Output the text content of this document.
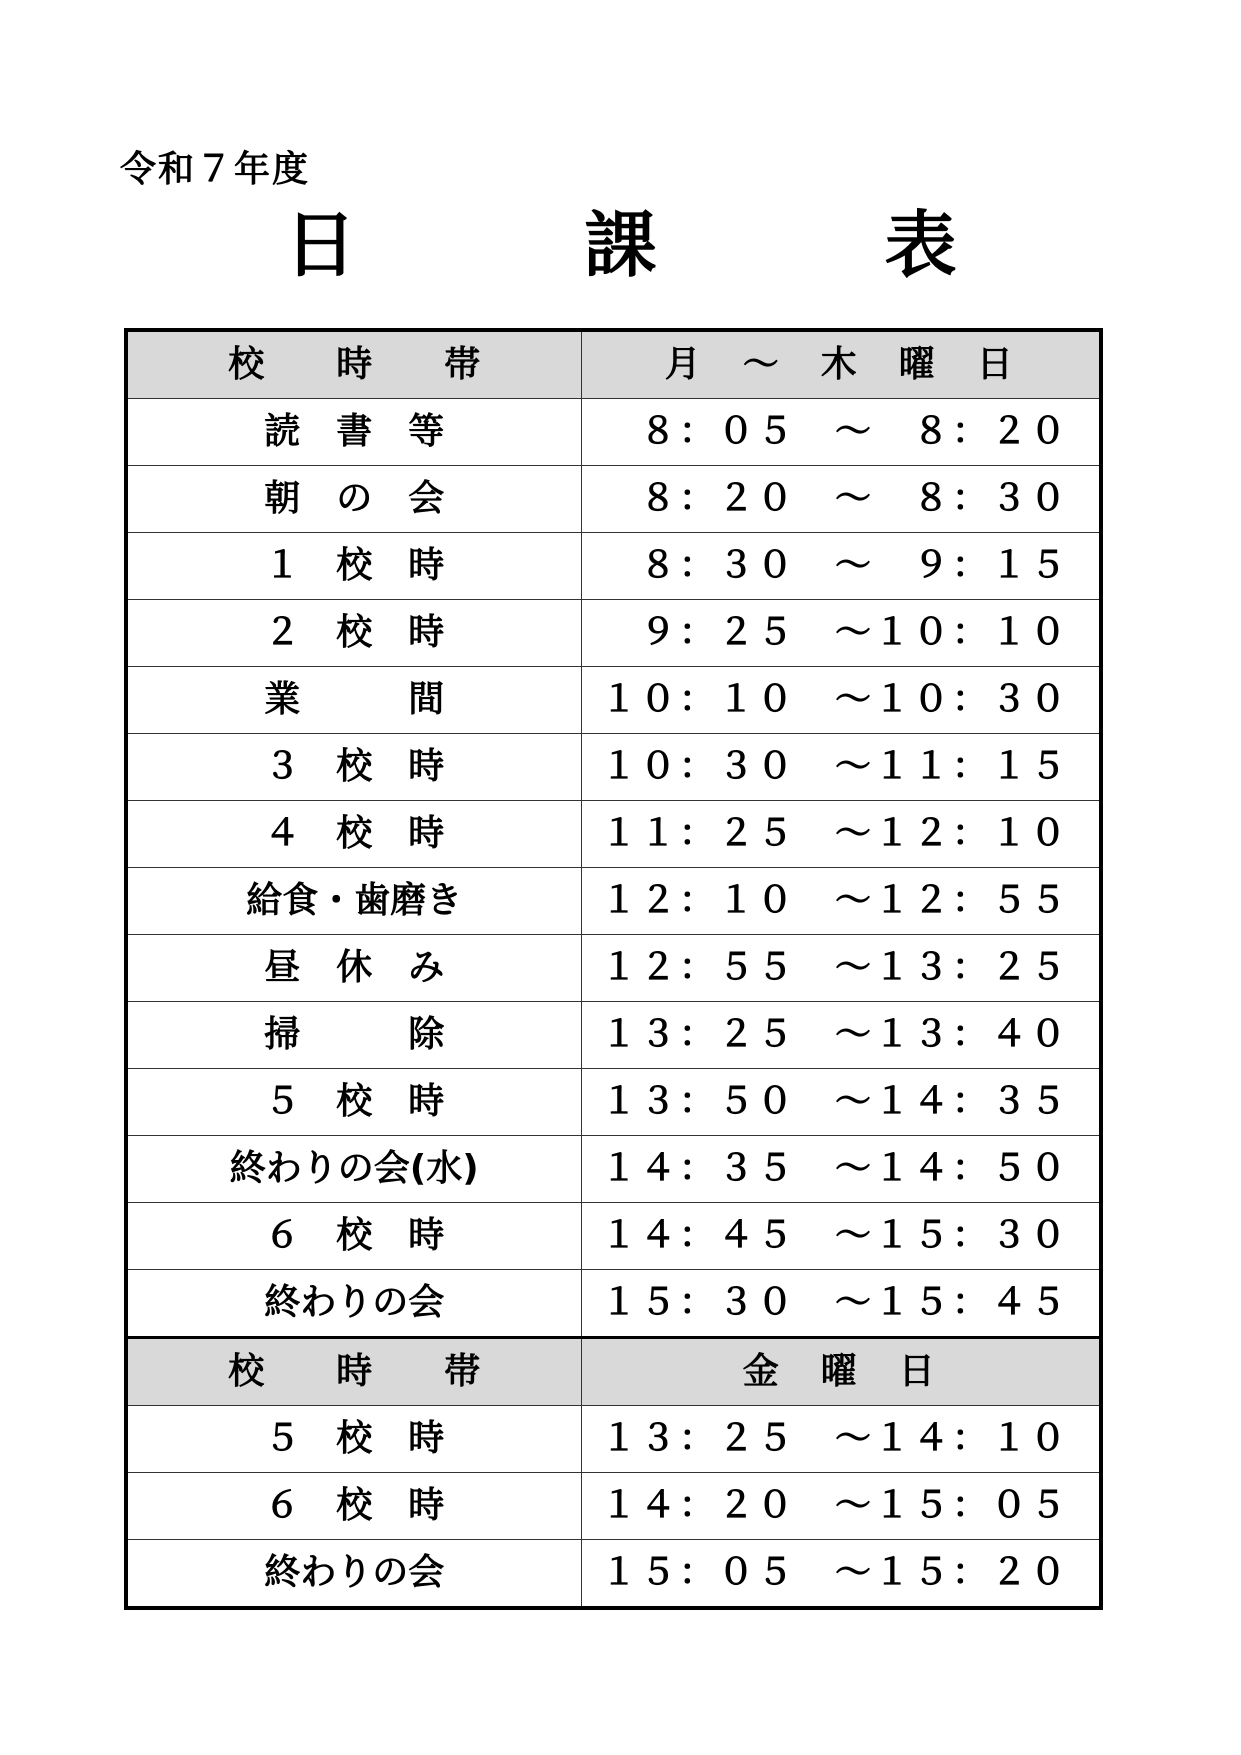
令和７年度
日　課　表
校　　時　　帯	月　～　木　曜　日
読　書　等	　８：０５　～　８：２０
朝　の　会	　８：２０　～　８：３０
１　校　時	　８：３０　～　９：１５
２　校　時	　９：２５　～１０：１０
業　　　間	１０：１０　～１０：３０
３　校　時	１０：３０　～１１：１５
４　校　時	１１：２５　～１２：１０
給食・歯磨き	１２：１０　～１２：５５
昼　休　み	１２：５５　～１３：２５
掃　　　除	１３：２５　～１３：４０
５　校　時	１３：５０　～１４：３５
終わりの会(水)	１４：３５　～１４：５０
６　校　時	１４：４５　～１５：３０
終わりの会	１５：３０　～１５：４５
校　　時　　帯	金　曜　日
５　校　時	１３：２５　～１４：１０
６　校　時	１４：２０　～１５：０５
終わりの会	１５：０５　～１５：２０
